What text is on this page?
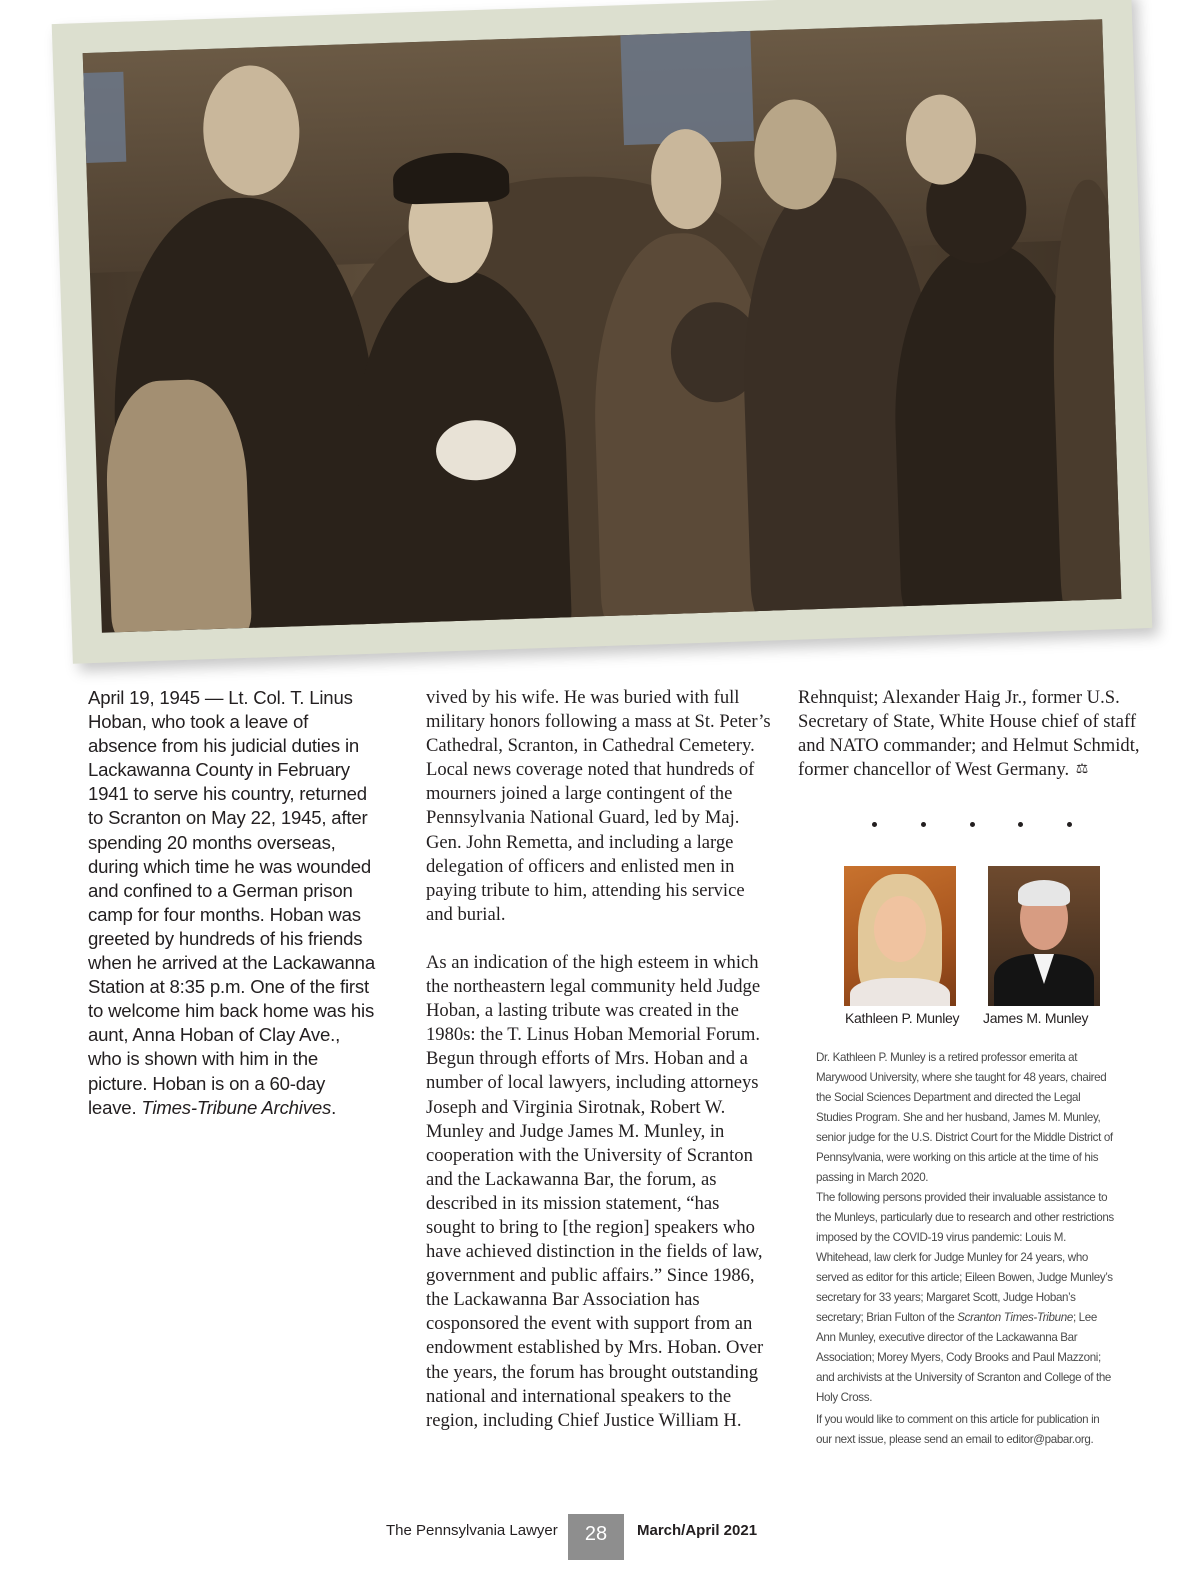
April 19, 1945 — Lt. Col. T. Linus Hoban, who took a leave of absence from his judicial duties in Lackawanna County in February 1941 to serve his country, returned to Scranton on May 22, 1945, after spending 20 months overseas, during which time he was wounded and confined to a German prison camp for four months. Hoban was greeted by hundreds of his friends when he arrived at the Lackawanna Station at 8:35 p.m. One of the first to welcome him back home was his aunt, Anna Hoban of Clay Ave., who is shown with him in the picture. Hoban is on a 60-day leave. Times-Tribune Archives.

vived by his wife. He was buried with full military honors following a mass at St. Peter’s Cathedral, Scranton, in Cathedral Cemetery. Local news coverage noted that hundreds of mourners joined a large contingent of the Pennsylvania National Guard, led by Maj. Gen. John Remetta, and including a large delegation of officers and enlisted men in paying tribute to him, attending his service and burial.

As an indication of the high esteem in which the northeastern legal community held Judge Hoban, a lasting tribute was created in the 1980s: the T. Linus Hoban Memorial Forum. Begun through efforts of Mrs. Hoban and a number of local lawyers, including attorneys Joseph and Virginia Sirotnak, Robert W. Munley and Judge James M. Munley, in cooperation with the University of Scranton and the Lackawanna Bar, the forum, as described in its mission statement, “has sought to bring to [the region] speakers who have achieved distinction in the fields of law, government and public affairs.” Since 1986, the Lackawanna Bar Association has cosponsored the event with support from an endowment established by Mrs. Hoban. Over the years, the forum has brought outstanding national and international speakers to the region, including Chief Justice William H.

Rehnquist; Alexander Haig Jr., former U.S. Secretary of State, White House chief of staff and NATO commander; and Helmut Schmidt, former chancellor of West Germany. ⚖

Kathleen P. Munley James M. Munley

Dr. Kathleen P. Munley is a retired professor emerita at Marywood University, where she taught for 48 years, chaired the Social Sciences Department and directed the Legal Studies Program. She and her husband, James M. Munley, senior judge for the U.S. District Court for the Middle District of Pennsylvania, were working on this article at the time of his passing in March 2020.

The following persons provided their invaluable assistance to the Munleys, particularly due to research and other restrictions imposed by the COVID-19 virus pandemic: Louis M. Whitehead, law clerk for Judge Munley for 24 years, who served as editor for this article; Eileen Bowen, Judge Munley’s secretary for 33 years; Margaret Scott, Judge Hoban’s secretary; Brian Fulton of the Scranton Times-Tribune; Lee Ann Munley, executive director of the Lackawanna Bar Association; Morey Myers, Cody Brooks and Paul Mazzoni; and archivists at the University of Scranton and College of the Holy Cross.

If you would like to comment on this article for publication in our next issue, please send an email to editor@pabar.org.

The Pennsylvania Lawyer	28	March/April 2021
